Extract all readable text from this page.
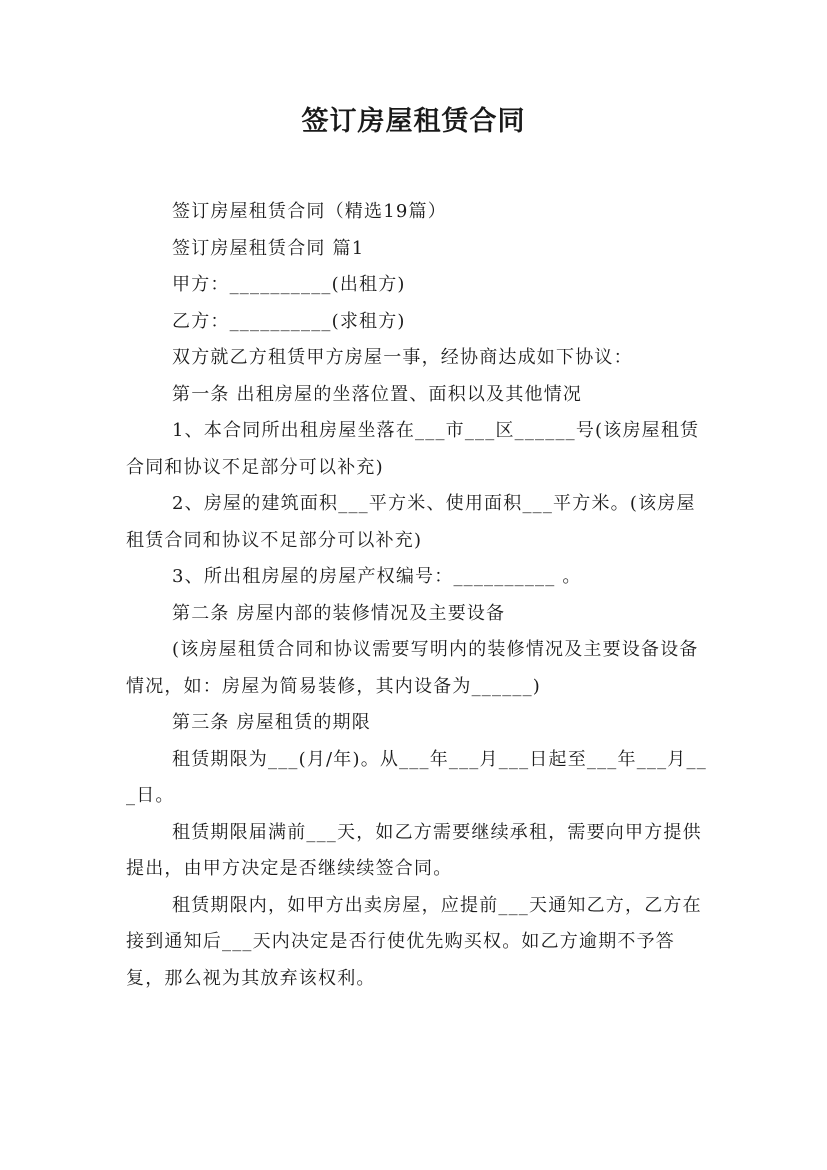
签订房屋租赁合同

签订房屋租赁合同（精选19篇）

签订房屋租赁合同 篇1

甲方：__________(出租方)

乙方：__________(求租方)

双方就乙方租赁甲方房屋一事，经协商达成如下协议：

第一条 出租房屋的坐落位置、面积以及其他情况

1、本合同所出租房屋坐落在___市___区______号(该房屋租赁合同和协议不足部分可以补充)

2、房屋的建筑面积___平方米、使用面积___平方米。(该房屋租赁合同和协议不足部分可以补充)

3、所出租房屋的房屋产权编号：__________ 。

第二条 房屋内部的装修情况及主要设备

(该房屋租赁合同和协议需要写明内的装修情况及主要设备设备情况，如：房屋为简易装修，其内设备为______)

第三条 房屋租赁的期限

租赁期限为___(月/年)。从___年___月___日起至___年___月___日。

租赁期限届满前___天，如乙方需要继续承租，需要向甲方提供提出，由甲方决定是否继续续签合同。

租赁期限内，如甲方出卖房屋，应提前___天通知乙方，乙方在接到通知后___天内决定是否行使优先购买权。如乙方逾期不予答复，那么视为其放弃该权利。
